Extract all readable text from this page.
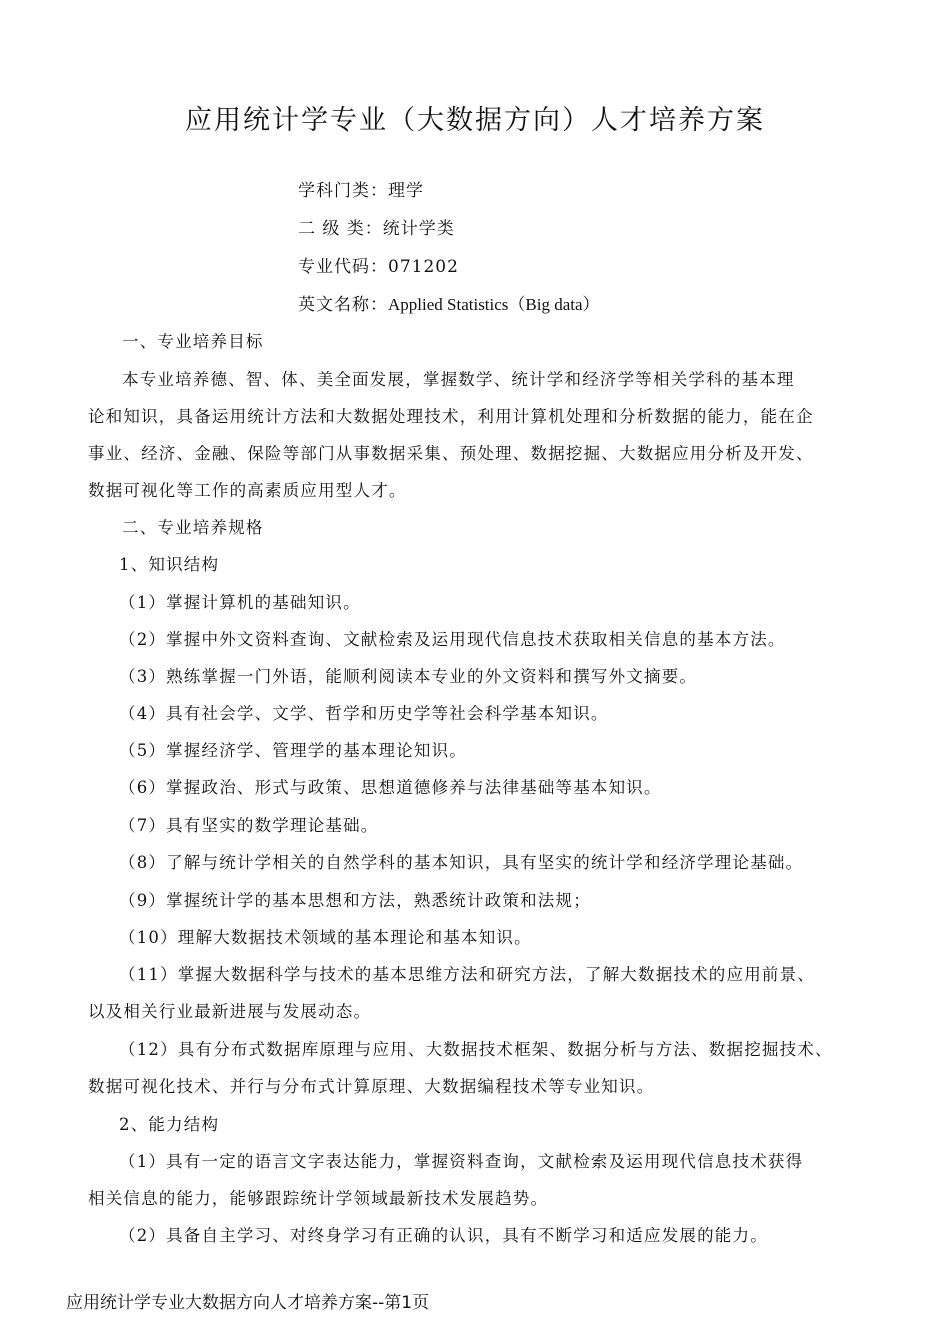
应用统计学专业（大数据方向）人才培养方案
学科门类：理学
二 级 类：统计学类
专业代码：071202
英文名称：Applied Statistics（Big data）
一、专业培养目标
本专业培养德、智、体、美全面发展，掌握数学、统计学和经济学等相关学科的基本理
论和知识，具备运用统计方法和大数据处理技术，利用计算机处理和分析数据的能力，能在企
事业、经济、金融、保险等部门从事数据采集、预处理、数据挖掘、大数据应用分析及开发、
数据可视化等工作的高素质应用型人才。
二、专业培养规格
1、知识结构
（1）掌握计算机的基础知识。
（2）掌握中外文资料查询、文献检索及运用现代信息技术获取相关信息的基本方法。
（3）熟练掌握一门外语，能顺利阅读本专业的外文资料和撰写外文摘要。
（4）具有社会学、文学、哲学和历史学等社会科学基本知识。
（5）掌握经济学、管理学的基本理论知识。
（6）掌握政治、形式与政策、思想道德修养与法律基础等基本知识。
（7）具有坚实的数学理论基础。
（8）了解与统计学相关的自然学科的基本知识，具有坚实的统计学和经济学理论基础。
（9）掌握统计学的基本思想和方法，熟悉统计政策和法规；
（10）理解大数据技术领域的基本理论和基本知识。
（11）掌握大数据科学与技术的基本思维方法和研究方法，了解大数据技术的应用前景、
以及相关行业最新进展与发展动态。
（12）具有分布式数据库原理与应用、大数据技术框架、数据分析与方法、数据挖掘技术、
数据可视化技术、并行与分布式计算原理、大数据编程技术等专业知识。
2、能力结构
（1）具有一定的语言文字表达能力，掌握资料查询，文献检索及运用现代信息技术获得
相关信息的能力，能够跟踪统计学领域最新技术发展趋势。
（2）具备自主学习、对终身学习有正确的认识，具有不断学习和适应发展的能力。
应用统计学专业大数据方向人才培养方案--第1页
